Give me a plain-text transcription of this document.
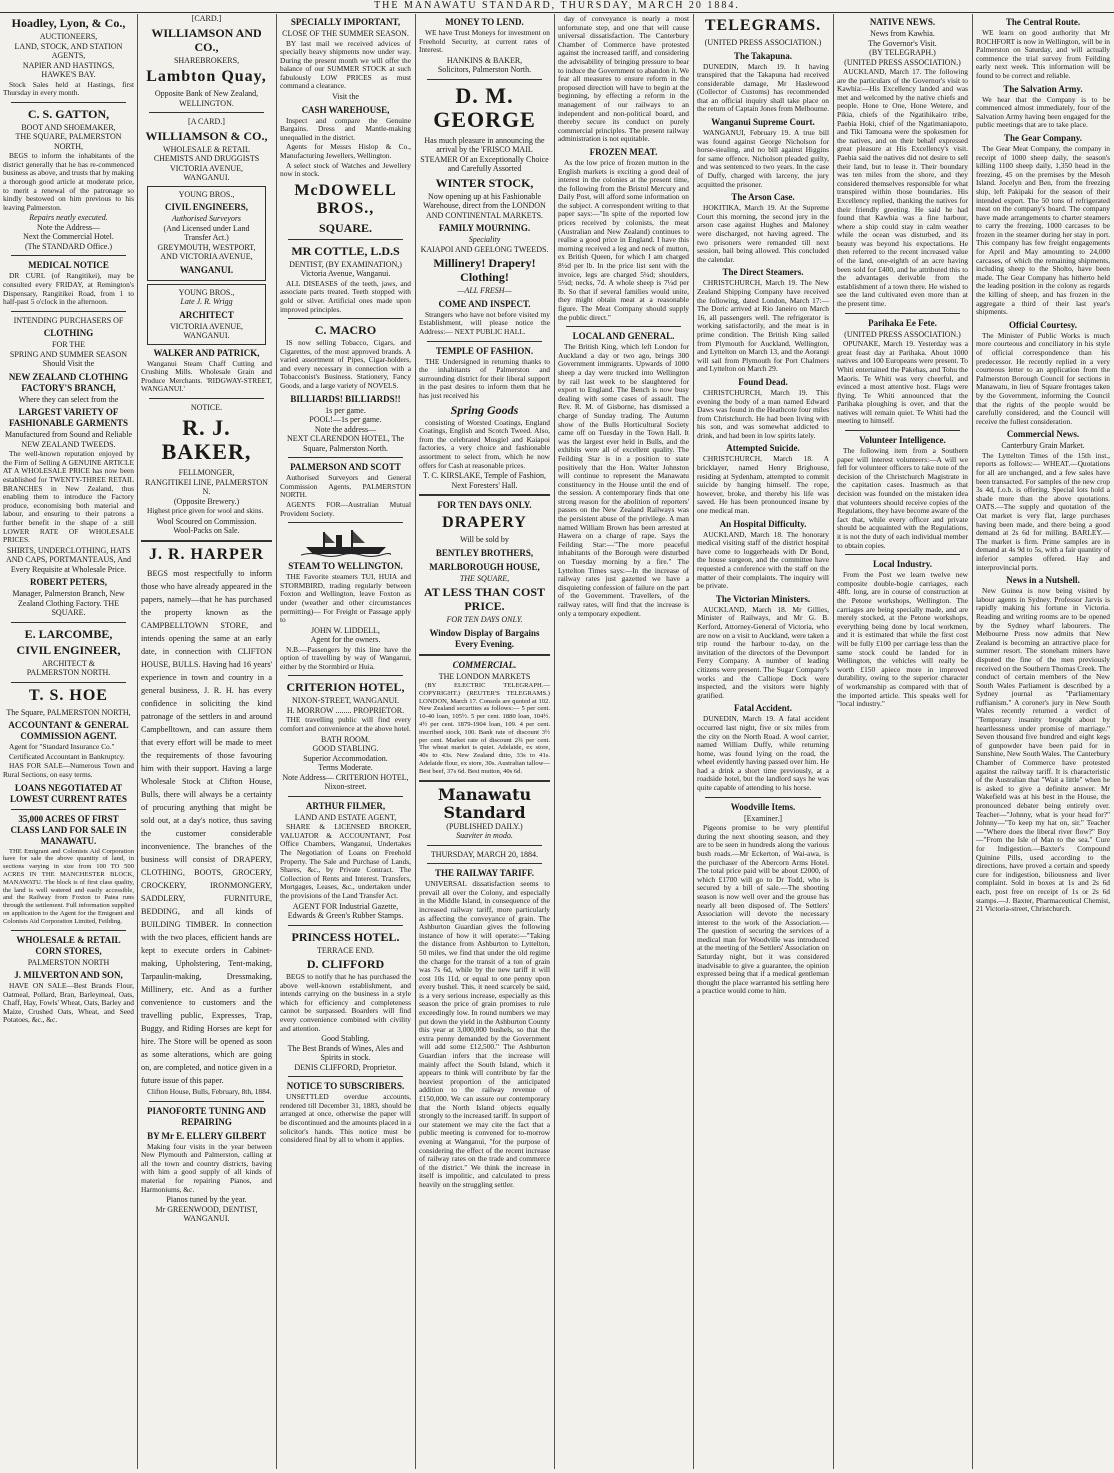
THE MANAWATU STANDARD, THURSDAY, MARCH 20 1884.
Hoadley, Lyon, & Co.,
AUCTIONEERS,
LAND, STOCK, AND STATION AGENTS,
NAPIER AND HASTINGS,
HAWKE'S BAY.
Stock Sales held at Hastings, first Thursday in every month.
C. S. GATTON,
BOOT AND SHOEMAKER,
THE SQUARE, PALMERSTON NORTH,
BEGS to inform the inhabitants of the district generally that he has re-commenced business as above, and trusts that by making a thorough good article at moderate price, to merit a renewal of the patronage so kindly bestowed on him previous to his leaving Palmerston.
Repairs neatly executed.
Note the Address—
Next the Commercial Hotel.
(The STANDARD Office.)
MEDICAL NOTICE
DR CURL (of Rangitikei), may be consulted every FRIDAY, at Remington's Dispensary, Rangitikei Road, from 1 to half-past 5 o'clock in the afternoon.
INTENDING PURCHASERS OF
CLOTHING
FOR THE
SPRING AND SUMMER SEASON
Should Visit the
NEW ZEALAND CLOTHING FACTORY'S BRANCH,
Where they can select from the
LARGEST VARIETY OF FASHIONABLE GARMENTS
Manufactured from Sound and Reliable NEW ZEALAND TWEEDS.
The well-known reputation enjoyed by the Firm of Selling A GENUINE ARTICLE AT A WHOLESALE PRICE has now been established for TWENTY-THREE RETAIL BRANCHES in New Zealand, thus enabling them to introduce the Factory produce, economising both material and labour, and ensuring to their patrons a further benefit in the shape of a still LOWER RATE OF WHOLESALE PRICES.
SHIRTS, UNDERCLOTHING, HATS AND CAPS, PORTMANTEAUS, And Every Requisite at Wholesale Price.
ROBERT PETERS,
Manager, Palmerston Branch, New Zealand Clothing Factory. THE SQUARE.
E. LARCOMBE,
CIVIL ENGINEER,
ARCHITECT &
PALMERSTON NORTH.
T. S. HOE
The Square, PALMERSTON NORTH,
ACCOUNTANT & GENERAL COMMISSION AGENT.
Agent for "Standard Insurance Co."
Certificated Accountant in Bankruptcy.
HAS FOR SALE—Numerous Town and Rural Sections, on easy terms.
LOANS NEGOTIATED AT LOWEST CURRENT RATES
35,000 ACRES OF FIRST CLASS LAND FOR SALE IN MANAWATU.
THE Emigrant and Colonists Aid Corporation have for sale the above quantity of land, in sections varying in size from 100 TO 500 ACRES IN THE MANCHESTER BLOCK, MANAWATU. The block is of first class quality, the land is well watered and easily accessible, and the Railway from Foxton to Patea runs through the settlement. Full information supplied on application to the Agent for the Emigrant and Colonists Aid Corporation Limited, Feilding.
WHOLESALE & RETAIL CORN STORES,
PALMERSTON NORTH
J. MILVERTON AND SON,
HAVE ON SALE—Best Brands Flour, Oatmeal, Pollard, Bran, Barleymeal, Oats, Chaff, Hay, Fowls' Wheat, Oats, Barley and Maize, Crushed Oats, Wheat, and Seed Potatoes, &c., &c.
[CARD.]
WILLIAMSON AND CO.,
SHAREBROKERS,
Lambton Quay,
Opposite Bank of New Zealand,
WELLINGTON.
[A CARD.]
WILLIAMSON & CO.,
WHOLESALE & RETAIL
CHEMISTS AND DRUGGISTS
VICTORIA AVENUE,
WANGANUI.
YOUNG BROS.,
CIVIL ENGINEERS,
Authorised Surveyors
(And Licensed under Land Transfer Act.)
GREYMOUTH, WESTPORT, AND VICTORIA AVENUE,
WANGANUI.
YOUNG BROS.,
Late J. R. Wrigg
ARCHITECT
VICTORIA AVENUE, WANGANUI.
WALKER AND PATRICK,
Wanganui Steam Chaff Cutting and Crushing Mills. Wholesale Grain and Produce Merchants. 'RIDGWAY-STREET, WANGANUI.'
NOTICE.
R. J. BAKER,
FELLMONGER,
RANGITIKEI LINE, PALMERSTON N.
(Opposite Brewery.)
Highest price given for wool and skins.
Wool Scoured on Commission.
Wool-Packs on Sale.
J. R. HARPER
BEGS most respectfully to inform those who have already appeared in the papers, namely—that he has purchased the property known as the CAMPBELLTOWN STORE, and intends opening the same at an early date, in connection with CLIFTON HOUSE, BULLS. Having had 16 years' experience in town and country in a general business, J. R. H. has every confidence in soliciting the kind patronage of the settlers in and around Campbelltown, and can assure them that every effort will be made to meet the requirements of those favouring him with their support. Having a large Wholesale Stock at Clifton House, Bulls, there will always be a certainty of procuring anything that might be sold out, at a day's notice, thus saving the customer considerable inconvenience. The branches of the business will consist of DRAPERY, CLOTHING, BOOTS, GROCERY, CROCKERY, IRONMONGERY, SADDLERY, FURNITURE, BEDDING, and all kinds of BUILDING TIMBER. In connection with the two places, efficient hands are kept to execute orders in Cabinet-making, Upholstering, Tent-making, Tarpaulin-making, Dressmaking, Millinery, etc. And as a further convenience to customers and the travelling public, Expresses, Trap, Buggy, and Riding Horses are kept for hire. The Store will be opened as soon as some alterations, which are going on, are completed, and notice given in a future issue of this paper.
Clifton House, Bulls, February, 8th, 1884.
PIANOFORTE TUNING AND REPAIRING
BY Mr E. ELLERY GILBERT
Making four visits in the year between New Plymouth and Palmerston, calling at all the town and country districts, having with him a good supply of all kinds of material for repairing Pianos, and Harmoniums, &c.
Pianos tuned by the year.
Mr GREENWOOD, DENTIST, WANGANUI.
SPECIALLY IMPORTANT,
CLOSE OF THE SUMMER SEASON.
BY last mail we received advices of specially heavy shipments now under way. During the present month we will offer the balance of our SUMMER STOCK at such fabulously LOW PRICES as must command a clearance.
Visit the
CASH WAREHOUSE,
Inspect and compare the Genuine Bargains. Dress and Mantle-making unequalled in the district.
Agents for Messrs Hislop & Co., Manufacturing Jewellers, Wellington.
A select stock of Watches and Jewellery now in stock.
McDOWELL BROS.,
SQUARE.
MR COTTLE, L.D.S
DENTIST, (BY EXAMINATION,)
Victoria Avenue, Wanganui.
ALL DISEASES of the teeth, jaws, and associate parts treated. Teeth stopped with gold or silver. Artificial ones made upon improved principles.
C. MACRO
IS now selling Tobacco, Cigars, and Cigarettes, of the most approved brands. A varied assortment of Pipes, Cigar-holders, and every necessary in connection with a Tobacconist's Business. Stationery, Fancy Goods, and a large variety of NOVELS.
BILLIARDS! BILLIARDS!!
1s per game.
POOL!—1s per game.
Note the address—
NEXT CLARENDON HOTEL, The Square, Palmerston North.
PALMERSON AND SCOTT
Authorised Surveyors and General Commission Agents, PALMERSTON NORTH.
AGENTS FOR—Australian Mutual Provident Society.
STEAM TO WELLINGTON.
THE Favorite steamers TUI, HUIA and STORMBIRD, trading regularly between Foxton and Wellington, leave Foxton as under (weather and other circumstances permitting)— For Freight or Passage apply to
JOHN W. LIDDELL,
Agent for the owners.
N.B.—Passengers by this line have the option of travelling by way of Wanganui, either by the Stormbird or Huia.
CRITERION HOTEL,
NIXON-STREET, WANGANUI.
H. MORROW ........ PROPRIETOR.
THE travelling public will find every comfort and convenience at the above hotel.
BATH ROOM.
GOOD STABLING.
Superior Accommodation.
Terms Moderate.
Note Address— CRITERION HOTEL, Nixon-street.
ARTHUR FILMER,
LAND AND ESTATE AGENT,
SHARE & LICENSED BROKER, VALUATOR & ACCOUNTANT, Post Office Chambers, Wanganui, Undertakes The Negotiation of Loans on Freehold Property. The Sale and Purchase of Lands, Shares, &c., by Private Contract. The Collection of Rents and Interest. Transfers, Mortgages, Leases, &c., undertaken under the provisions of the Land Transfer Act.
AGENT FOR Industrial Gazette, Edwards & Green's Rubber Stamps.
PRINCESS HOTEL.
TERRACE END.
D. CLIFFORD
BEGS to notify that he has purchased the above well-known establishment, and intends carrying on the business in a style which for efficiency and completeness cannot be surpassed. Boarders will find every convenience combined with civility and attention.
Good Stabling.
The Best Brands of Wines, Ales and Spirits in stock.
DENIS CLIFFORD, Proprietor.
NOTICE TO SUBSCRIBERS.
UNSETTLED overdue accounts, rendered till December 31, 1883, should be arranged at once, otherwise the paper will be discontinued and the amounts placed in a solicitor's hands. This notice must be considered final by all to whom it applies.
MONEY TO LEND.
WE have Trust Moneys for investment on Freehold Security, at current rates of Interest.
HANKINS & BAKER,
Solicitors, Palmerston North.
D. M. GEORGE
Has much pleasure in announcing the arrival by the 'FRISCO MAIL STEAMER Of an Exceptionally Choice and Carefully Assorted
WINTER STOCK,
Now opening up at his Fashionable Warehouse, direct from the LONDON AND CONTINENTAL MARKETS.
FAMILY MOURNING.
Speciality
KAIAPOI AND GEELONG TWEEDS.
Millinery! Drapery! Clothing!
—ALL FRESH—
COME AND INSPECT.
Strangers who have not before visited my Establishment, will please notice the Address:— NEXT PUBLIC HALL.
TEMPLE OF FASHION.
THE Undersigned in returning thanks to the inhabitants of Palmerston and surrounding district for their liberal support in the past desires to inform them that he has just received his
Spring Goods
consisting of Worsted Coatings, England Coatings, English and Scotch Tweed. Also, from the celebrated Mosgiel and Kaiapoi factories, a very choice and fashionable assortment to select from, which he now offers for Cash at reasonable prices.
T. C. KIRSLAKE, Temple of Fashion, Next Foresters' Hall.
FOR TEN DAYS ONLY.
DRAPERY
Will be sold by
BENTLEY BROTHERS,
MARLBOROUGH HOUSE,
THE SQUARE,
AT LESS THAN COST PRICE.
FOR TEN DAYS ONLY.
Window Display of Bargains Every Evening.
COMMERCIAL.
THE LONDON MARKETS
(BY ELECTRIC TELEGRAPH.—COPYRIGHT.) (REUTER'S TELEGRAMS.) LONDON, March 17. Consols are quoted at 102. New Zealand securities as follows:— 5 per cent. 10-40 loan, 105½. 5 per cent. 1880 loan, 104½. 4½ per cent. 1879-1904 loan, 109. 4 per cent. inscribed stock, 100. Bank rate of discount 3½ per cent. Market rate of discount 2¾ per cent. The wheat market is quiet. Adelaide, ex store, 40s to 43s. New Zealand ditto, 33s to 41s. Adelaide flour, ex store, 30s. Australian tallow—Best beef, 37s 6d. Best mutton, 40s 6d.
Manawatu Standard
(PUBLISHED DAILY.)
Suaviter in modo.
THURSDAY, MARCH 20, 1884.
THE RAILWAY TARIFF.
UNIVERSAL dissatisfaction seems to prevail all over the Colony, and especially in the Middle Island, in consequence of the increased railway tariff, more particularly as affecting the conveyance of grain. The Ashburton Guardian gives the following instance of how it will operate:—"Taking the distance from Ashburton to Lyttelton, 50 miles, we find that under the old regime the charge for the transit of a ton of grain was 7s 6d, while by the new tariff it will cost 10s 11d, or equal to one penny upon every bushel. This, it need scarcely be said, is a very serious increase, especially as this season the price of grain promises to rule exceedingly low. In round numbers we may put down the yield in the Ashburton County this year at 3,000,000 bushels, so that the extra penny demanded by the Government will add some £12,500." The Ashburton Guardian infers that the increase will mainly affect the South Island, which it appears to think will contribute by far the heaviest proportion of the anticipated addition to the railway revenue of £150,000. We can assure our contemporary that the North Island objects equally strongly to the increased tariff. In support of our statement we may cite the fact that a public meeting is convened for to-morrow evening at Wanganui, "for the purpose of considering the effect of the recent increase of railway rates on the trade and commerce of the district." We think the increase in itself is impolitic, and calculated to press heavily on the struggling settler.
day of conveyance is nearly a most unfortunate step, and one that will cause universal dissatisfaction. The Canterbury Chamber of Commerce have protested against the increased tariff, and considering the advisability of bringing pressure to bear to induce the Government to abandon it. We fear all measures to ensure reform in the proposed direction will have to begin at the beginning, by effecting a reform in the management of our railways to an independent and non-political board, and thereby secure its conduct on purely commercial principles. The present railway administration is not equitable.
FROZEN MEAT.
As the low price of frozen mutton in the English markets is exciting a good deal of interest in the colonies at the present time, the following from the Bristol Mercury and Daily Post, will afford some information on the subject. A correspondent writing to that paper says:—"In spite of the reported low prices received by colonists, the meat (Australian and New Zealand) continues to realise a good price in England. I have this morning received a leg and neck of mutton, ex British Queen, for which I am charged 8½d per lb. In the price list sent with the invoice, legs are charged 5¼d; shoulders, 5¼d; necks, 7d. A whole sheep is 7¼d per lb. So that if several families would unite, they might obtain meat at a reasonable figure. The Meat Company should supply the public direct."
LOCAL AND GENERAL.
The British King, which left London for Auckland a day or two ago, brings 300 Government immigrants. Upwards of 1000 sheep a day were trucked into Wellington by rail last week to be slaughtered for export to England. The Bench is now busy dealing with some cases of assault. The Rev. R. M. of Gisborne, has dismissed a charge of Sunday trading. The Autumn show of the Bulls Horticultural Society came off on Tuesday in the Town Hall. It was the largest ever held in Bulls, and the exhibits were all of excellent quality. The Feilding Star is in a position to state positively that the Hon. Walter Johnston will continue to represent the Manawatu constituency in the House until the end of the session. A contemporary finds that one strong reason for the abolition of reporters' passes on the New Zealand Railways was the persistent abuse of the privilege. A man named William Brown has been arrested at Hawera on a charge of rape. Says the Feilding Star:—"The more peaceful inhabitants of the Borough were disturbed on Tuesday morning by a fire." The Lyttelton Times says:—In the increase of railway rates just gazetted we have a disquieting confession of failure on the part of the Government. Travellers, of the railway rates, will find that the increase is only a temporary expedient.
TELEGRAMS.
(UNITED PRESS ASSOCIATION.)
The Takapuna.
DUNEDIN, March 19. It having transpired that the Takapuna had received considerable damage, Mr Haslewood (Collector of Customs) has recommended that an official inquiry shall take place on the return of Captain Jones from Melbourne.
Wanganui Supreme Court.
WANGANUI, February 19. A true bill was found against George Nicholson for horse-stealing, and no bill against Higgins for same offence. Nicholson pleaded guilty, and was sentenced to two years. In the case of Duffy, charged with larceny, the jury acquitted the prisoner.
The Arson Case.
HOKITIKA, March 19. At the Supreme Court this morning, the second jury in the arson case against Hughes and Maloney were discharged, not having agreed. The two prisoners were remanded till next session, bail being allowed. This concluded the calendar.
The Direct Steamers.
CHRISTCHURCH, March 19. The New Zealand Shipping Company have received the following, dated London, March 17:—The Doric arrived at Rio Janeiro on March 16, all passengers well. The refrigerator is working satisfactorily, and the meat is in prime condition. The British King sailed from Plymouth for Auckland, Wellington, and Lyttelton on March 13, and the Aorangi will sail from Plymouth for Port Chalmers and Lyttelton on March 29.
Found Dead.
CHRISTCHURCH, March 19. This evening the body of a man named Edward Daws was found in the Heathcote four miles from Christchurch. He had been living with his son, and was somewhat addicted to drink, and had been in low spirits lately.
Attempted Suicide.
CHRISTCHURCH, March 18. A bricklayer, named Henry Brighouse, residing at Sydenham, attempted to commit suicide by hanging himself. The rope, however, broke, and thereby his life was saved. He has been pronounced insane by one medical man.
An Hospital Difficulty.
AUCKLAND, March 18. The honorary medical visiting staff of the district hospital have come to loggerheads with Dr Bond, the house surgeon, and the committee have requested a conference with the staff on the matter of their complaints. The inquiry will be private.
The Victorian Ministers.
AUCKLAND, March 18. Mr Gillies, Minister of Railways, and Mr G. B. Kerford, Attorney-General of Victoria, who are now on a visit to Auckland, were taken a trip round the harbour to-day, on the invitation of the directors of the Devonport Ferry Company. A number of leading citizens were present. The Sugar Company's works and the Calliope Dock were inspected, and the visitors were highly gratified.
Fatal Accident.
DUNEDIN, March 19. A fatal accident occurred last night, five or six miles from the city on the North Road. A wool carrier, named William Duffy, while returning home, was found lying on the road, the wheel evidently having passed over him. He had a drink a short time previously, at a roadside hotel, but the landlord says he was quite capable of attending to his horse.
Woodville Items.
[Examiner.]
Pigeons promise to be very plentiful during the next shooting season, and they are to be seen in hundreds along the various bush roads.—Mr Eckerton, of Wai-awa, is the purchaser of the Abercorn Arms Hotel. The total price paid will be about £2000, of which £1700 will go to Dr Todd, who is secured by a bill of sale.—The shooting season is now well over and the grouse has nearly all been disposed of. The Settlers' Association will devote the necessary interest to the work of the Association.—The question of securing the services of a medical man for Woodville was introduced at the meeting of the Settlers' Association on Saturday night, but it was considered inadvisable to give a guarantee, the opinion expressed being that if a medical gentleman thought the place warranted his settling here a practice would come to him.
NATIVE NEWS.
News from Kawhia.
The Governor's Visit.
(BY TELEGRAPH.)
(UNITED PRESS ASSOCIATION.)
AUCKLAND, March 17. The following are the particulars of the Governor's visit to Kawhia:—His Excellency landed and was met and welcomed by the native chiefs and people. Hone te One, Hone Wetere, and Pikia, chiefs of the Ngatihikairo tribe, Paehia Hoki, chief of the Ngatimaniapoto, and Tiki Tamoana were the spokesmen for the natives, and on their behalf expressed great pleasure at His Excellency's visit. Paehia said the natives did not desire to sell their land, but to lease it. Their boundary was ten miles from the shore, and they considered themselves responsible for what transpired within those boundaries. His Excellency replied, thanking the natives for their friendly greeting. He said he had found that Kawhia was a fine harbour, where a ship could stay in calm weather while the ocean was disturbed, and its beauty was beyond his expectations. He then referred to the recent increased value of the land, one-eighth of an acre having been sold for £400, and he attributed this to the advantages derivable from the establishment of a town there. He wished to see the land cultivated even more than at the present time.
Parihaka Ee Fete.
(UNITED PRESS ASSOCIATION.)
OPUNAKE, March 19. Yesterday was a great feast day at Parihaka. About 1000 natives and 100 Europeans were present. To Whiti entertained the Pakehas, and Tohu the Maoris. Te Whiti was very cheerful, and evinced a most attentive host. Flags were flying. Te Whiti announced that the Parihaka ploughing is over, and that the natives will remain quiet. Te Whiti had the meeting to himself.
Volunteer Intelligence.
The following item from a Southern paper will interest volunteers:—A will we fell for volunteer officers to take note of the decision of the Christchurch Magistrate in the capitation cases. Inasmuch as that decision was founded on the mistaken idea that volunteers should receive copies of the Regulations, they have become aware of the fact that, while every officer and private should be acquainted with the Regulations, it is not the duty of each individual member to obtain copies.
Local Industry.
From the Post we learn twelve new composite double-bogie carriages, each 48ft. long, are in course of construction at the Petone workshops, Wellington. The carriages are being specially made, and are merely stocked, at the Petone workshops, everything being done by local workmen, and it is estimated that while the first cost will be fully £100 per carriage less than the same stock could be landed for in Wellington, the vehicles will really be worth £150 apiece more in improved durability, owing to the superior character of workmanship as compared with that of the imported article. This speaks well for "local industry."
The Central Route.
WE learn on good authority that Mr ROCHFORT is now in Wellington, will be in Palmerston on Saturday, and will actually commence the trial survey from Feilding early next week. This information will be found to be correct and reliable.
The Salvation Army.
We hear that the Company is to be commenced almost immediately, four of the Salvation Army having been engaged for the public meetings that are to take place.
The Gear Company.
The Gear Meat Company, the company in receipt of 1000 sheep daily, the season's killing 1100 sheep daily, 1,350 head in the freezing, 45 on the premises by the Mesoh Island. Jocelyn and Ben, from the freezing ship, left Pakipaki for the season of their intended export. The 50 tons of refrigerated meat on the company's board. The company have made arrangements to charter steamers to carry the freezing, 1000 carcases to be frozen in the steamer during her stay in port. This company has few freight engagements for April and May amounting to 24,000 carcases, of which the remaining shipments, including sheep to the Sholto, have been made. The Gear Company has hitherto held the leading position in the colony as regards the killing of sheep, and has frozen in the aggregate a third of their last year's shipments.
Official Courtesy.
The Minister of Public Works is much more courteous and conciliatory in his style of official correspondence than his predecessor. He recently replied in a very courteous letter to an application from the Palmerston Borough Council for sections in Manawatu, in lieu of Square frontages taken by the Government, informing the Council that the rights of the people would be carefully considered, and the Council will receive the fullest consideration.
Commercial News.
Canterbury Grain Market.
The Lyttelton Times of the 15th inst., reports as follows:— WHEAT.—Quotations for all are unchanged, and a few sales have been transacted. For samples of the new crop 3s 4d, f.o.b. is offering. Special lots hold a shade more than the above quotations. OATS.—The supply and quotation of the Oat market is very flat, large purchases having been made, and there being a good demand at 2s 6d for milling. BARLEY.—The market is firm. Prime samples are in demand at 4s 9d to 5s, with a fair quantity of inferior samples offered. Hay and interprovincial ports.
News in a Nutshell.
New Guinea is now being visited by labour agents in Sydney. Professor Jarvis is rapidly making his fortune in Victoria. Reading and writing rooms are to be opened by the Sydney wharf labourers. The Melbourne Press now admits that New Zealand is becoming an attractive place for summer resort. The stoneham miners have disputed the fine of the men previously received on the Southern Thomas Creek. The conduct of certain members of the New South Wales Parliament is described by a Sydney journal as "Parliamentary ruffianism." A coroner's jury in New South Wales recently returned a verdict of "Temporary insanity brought about by heartlessness under promise of marriage." Seven thousand five hundred and eight kegs of gunpowder have been paid for in Sunshine, New South Wales. The Canterbury Chamber of Commerce have protested against the railway tariff. It is characteristic of the Australian that "Wait a little" when he is asked to give a definite answer. Mr Wakefield was at his best in the House, the pronounced debater being entirely over. Teacher—"Johnny, what is your head for?" Johnny—"To keep my hat on, sir." Teacher—"Where does the liberal river flow?" Boy—"From the Isle of Man to the sea." Cure for Indigestion.—Baxter's Compound Quinine Pills, used according to the directions, have proved a certain and speedy cure for indigestion, biliousness and liver complaint. Sold in boxes at 1s and 2s 6d each, post free on receipt of 1s or 2s 6d stamps.—J. Baxter, Pharmaceutical Chemist, 21 Victoria-street, Christchurch.
